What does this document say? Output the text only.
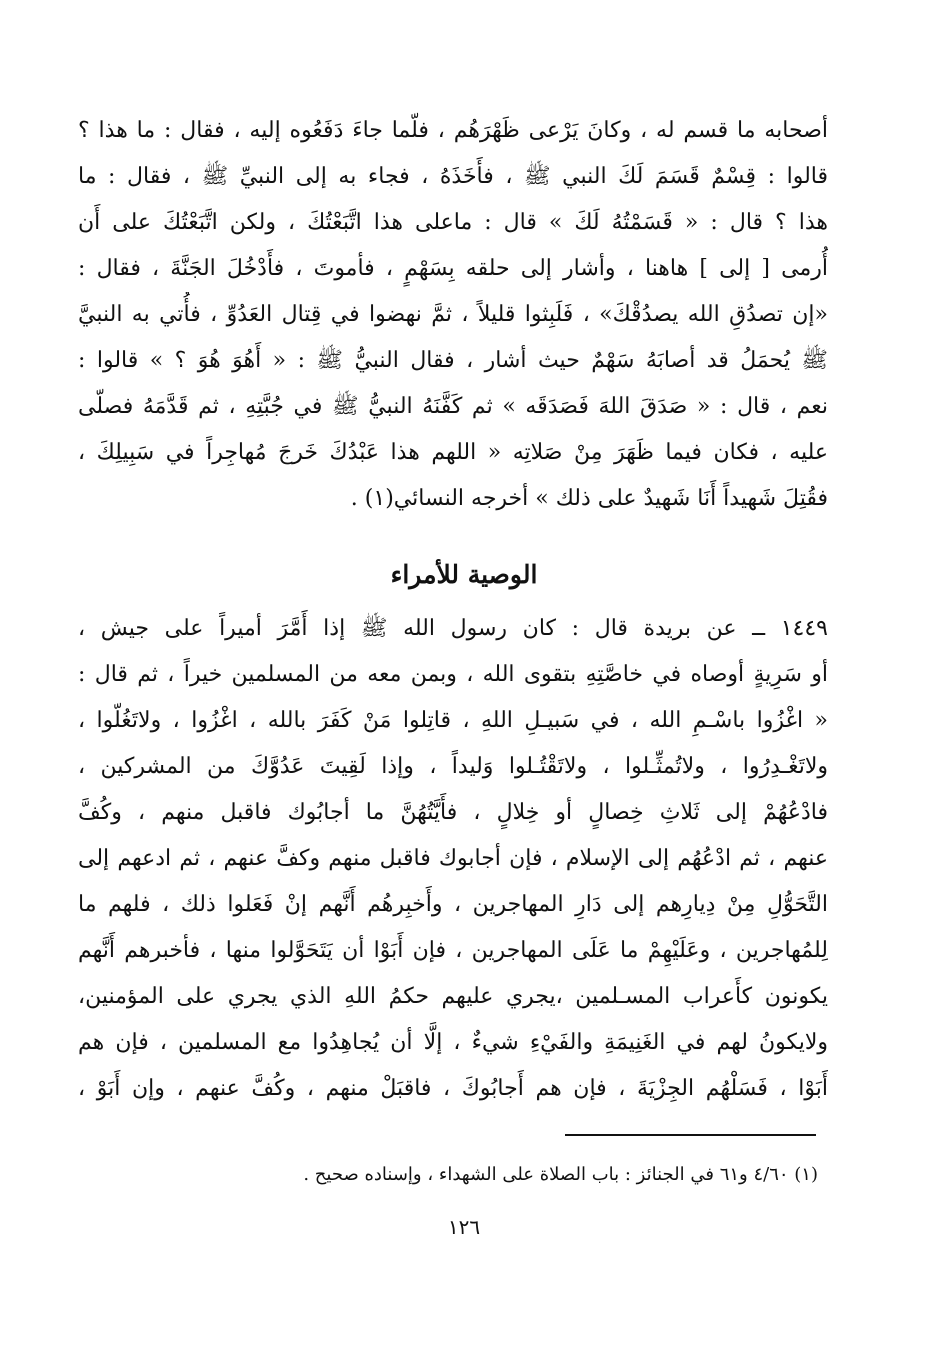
أصحابه ما قسم له ، وكانَ يَرْعى ظَهْرَهُم ، فلّما جاءَ دَفَعُوه إليه ، فقال : ما هذا ؟
قالوا : قِسْمٌ قَسَمَ لَكَ النبي ﷺ ، فأَخَذَهُ ، فجاء به إلى النبيِّ ﷺ ، فقال : ما
هذا ؟ قال : « قَسَمْتُهُ لَكَ » قال : ماعلى هذا اتَّبَعْتُكَ ، ولكن اتَّبَعْتُكَ على أَن
أُرمى [ إلى ] هاهنا ، وأشار إلى حلقه بِسَهْمٍ ، فأموتَ ، فأَدْخُلَ الجَنَّةَ ، فقال :
«إن تصدُقِ الله يصدُقْكَ» ، فَلَبِثوا قليلاً ، ثمَّ نهضوا في قِتال العَدُوِّ ، فأُتي به النبيَّ
ﷺ يُحمَلُ قد أصابَهُ سَهْمٌ حيث أشار ، فقال النبيُّ ﷺ : « أَهُوَ هُوَ ؟ » قالوا :
نعم ، قال : « صَدَقَ اللهَ فَصَدَقَه » ثم كَفَّنَهُ النبيُّ ﷺ في جُبَّتِهِ ، ثم قَدَّمَهُ فصلّى
عليه ، فكان فيما ظَهَرَ مِنْ صَلاتِه « اللهم هذا عَبْدُكَ خَرجَ مُهاجِراً في سَبِيلِكَ ،
فقُتِلَ شَهيداً أَنَا شَهيدٌ على ذلك » أخرجه النسائي(١) .
الوصية للأمراء
١٤٤٩ ــ عن بريدة قال : كان رسول الله ﷺ إذا أَمَّرَ أميراً على جيش ،
أو سَرِيةٍ أوصاه في خاصَّتِهِ بتقوى الله ، وبمن معه من المسلمين خيراً ، ثم قال :
« اغْزُوا باسْـمِ الله ، في سَبيـلِ اللهِ ، قاتِلوا مَنْ كَفَرَ بالله ، اغْزُوا ، ولاتَغُلّوا ،
ولاتَغْـدِرُوا ، ولاتُمثِّـلوا ، ولاتَقْتُـلوا وَليداً ، وإذا لَقِيتَ عَدُوَّكَ من المشركين ،
فادْعُهُمْ إلى ثَلاثِ خِصالٍ أو خِلالٍ ، فأَيَّتُهُنَّ ما أجابُوك فاقبل منهم ، وكُفَّ
عنهم ، ثم ادْعُهُم إلى الإسلام ، فإن أجابوك فاقبل منهم وكفَّ عنهم ، ثم ادعهم إلى
التَّحَوُّلِ مِنْ دِيارِهم إلى دَارِ المهاجرين ، وأَخبِرهُم أَنَّهم إنْ فَعَلوا ذلك ، فلهم ما
لِلمُهاجرين ، وعَلَيْهِمْ ما عَلَى المهاجرين ، فإن أَبَوْا أن يَتَحَوَّلوا منها ، فأخبرهم أَنَّهم
يكونون كأَعراب المسـلمين ،يجري عليهم حكمُ اللهِ الذي يجري على المؤمنين،
ولايكونُ لهم في الغَنِيمَةِ والفَيْءِ شيءٌ ، إلَّا أن يُجاهِدُوا مع المسلمين ، فإن هم
أَبَوْا ، فَسَلْهُم الجِزْيَةَ ، فإن هم أَجابُوكَ ، فاقبَلْ منهم ، وكُفَّ عنهم ، وإن أَبَوْ ،
(١) ٤/٦٠ و٦١ في الجنائز : باب الصلاة على الشهداء ، وإسناده صحيح .
١٢٦
